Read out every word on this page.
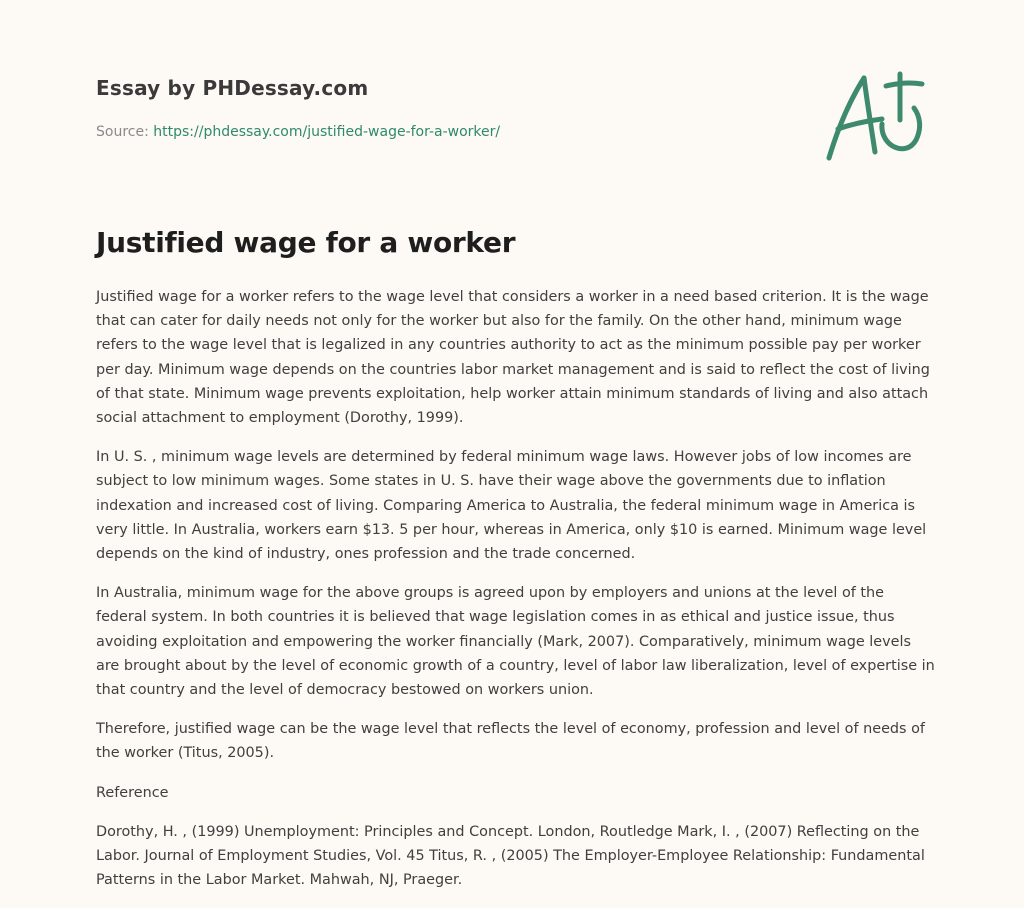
Essay by PHDessay.com
Source: https://phdessay.com/justified-wage-for-a-worker/
Justified wage for a worker

Justified wage for a worker refers to the wage level that considers a worker in a need based criterion. It is the wage that can cater for daily needs not only for the worker but also for the family. On the other hand, minimum wage refers to the wage level that is legalized in any countries authority to act as the minimum possible pay per worker per day. Minimum wage depends on the countries labor market management and is said to reflect the cost of living of that state. Minimum wage prevents exploitation, help worker attain minimum standards of living and also attach social attachment to employment (Dorothy, 1999).

In U. S. , minimum wage levels are determined by federal minimum wage laws. However jobs of low incomes are subject to low minimum wages. Some states in U. S. have their wage above the governments due to inflation indexation and increased cost of living. Comparing America to Australia, the federal minimum wage in America is very little. In Australia, workers earn $13. 5 per hour, whereas in America, only $10 is earned. Minimum wage level depends on the kind of industry, ones profession and the trade concerned.

In Australia, minimum wage for the above groups is agreed upon by employers and unions at the level of the federal system. In both countries it is believed that wage legislation comes in as ethical and justice issue, thus avoiding exploitation and empowering the worker financially (Mark, 2007). Comparatively, minimum wage levels are brought about by the level of economic growth of a country, level of labor law liberalization, level of expertise in that country and the level of democracy bestowed on workers union.

Therefore, justified wage can be the wage level that reflects the level of economy, profession and level of needs of the worker (Titus, 2005).

Reference

Dorothy, H. , (1999) Unemployment: Principles and Concept. London, Routledge Mark, I. , (2007) Reflecting on the Labor. Journal of Employment Studies, Vol. 45 Titus, R. , (2005) The Employer-Employee Relationship: Fundamental Patterns in the Labor Market. Mahwah, NJ, Praeger.
